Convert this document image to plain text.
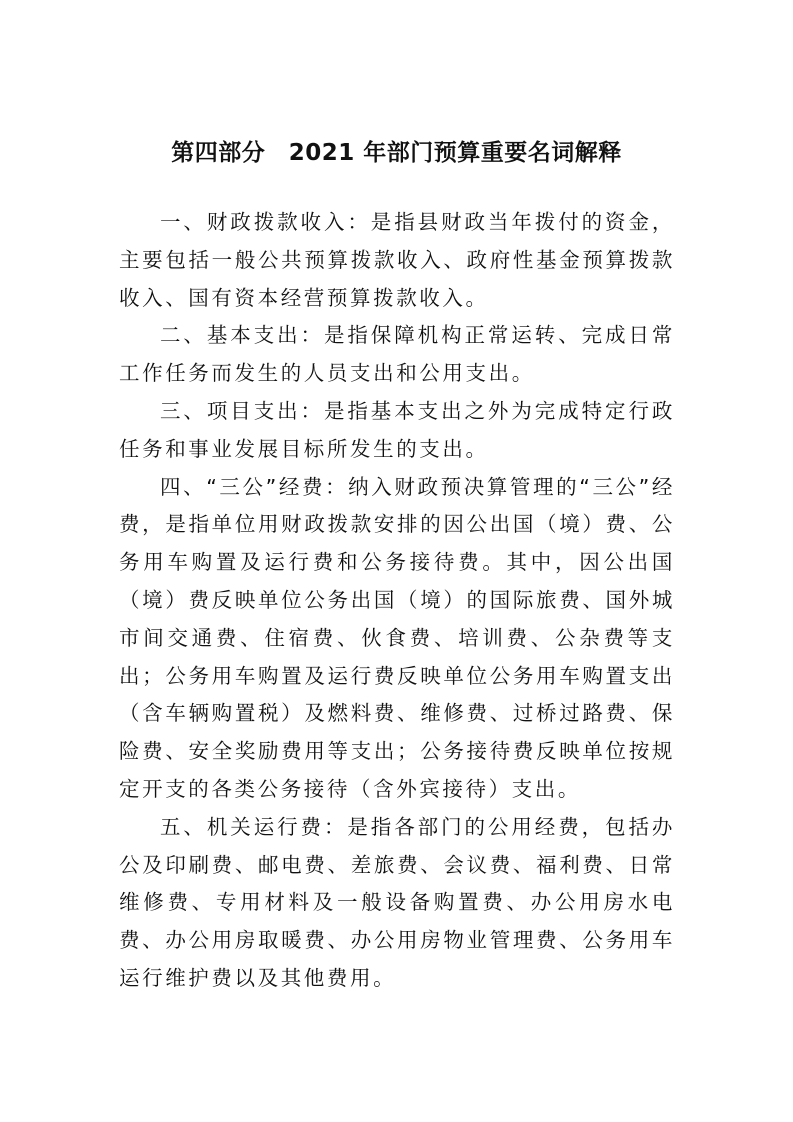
第四部分　2021 年部门预算重要名词解释

一、财政拨款收入：是指县财政当年拨付的资金，主要包括一般公共预算拨款收入、政府性基金预算拨款收入、国有资本经营预算拨款收入。

二、基本支出：是指保障机构正常运转、完成日常工作任务而发生的人员支出和公用支出。

三、项目支出：是指基本支出之外为完成特定行政任务和事业发展目标所发生的支出。

四、“三公”经费：纳入财政预决算管理的“三公”经费，是指单位用财政拨款安排的因公出国（境）费、公务用车购置及运行费和公务接待费。其中，因公出国（境）费反映单位公务出国（境）的国际旅费、国外城市间交通费、住宿费、伙食费、培训费、公杂费等支出；公务用车购置及运行费反映单位公务用车购置支出（含车辆购置税）及燃料费、维修费、过桥过路费、保险费、安全奖励费用等支出；公务接待费反映单位按规定开支的各类公务接待（含外宾接待）支出。

五、机关运行费：是指各部门的公用经费，包括办公及印刷费、邮电费、差旅费、会议费、福利费、日常维修费、专用材料及一般设备购置费、办公用房水电费、办公用房取暖费、办公用房物业管理费、公务用车运行维护费以及其他费用。
